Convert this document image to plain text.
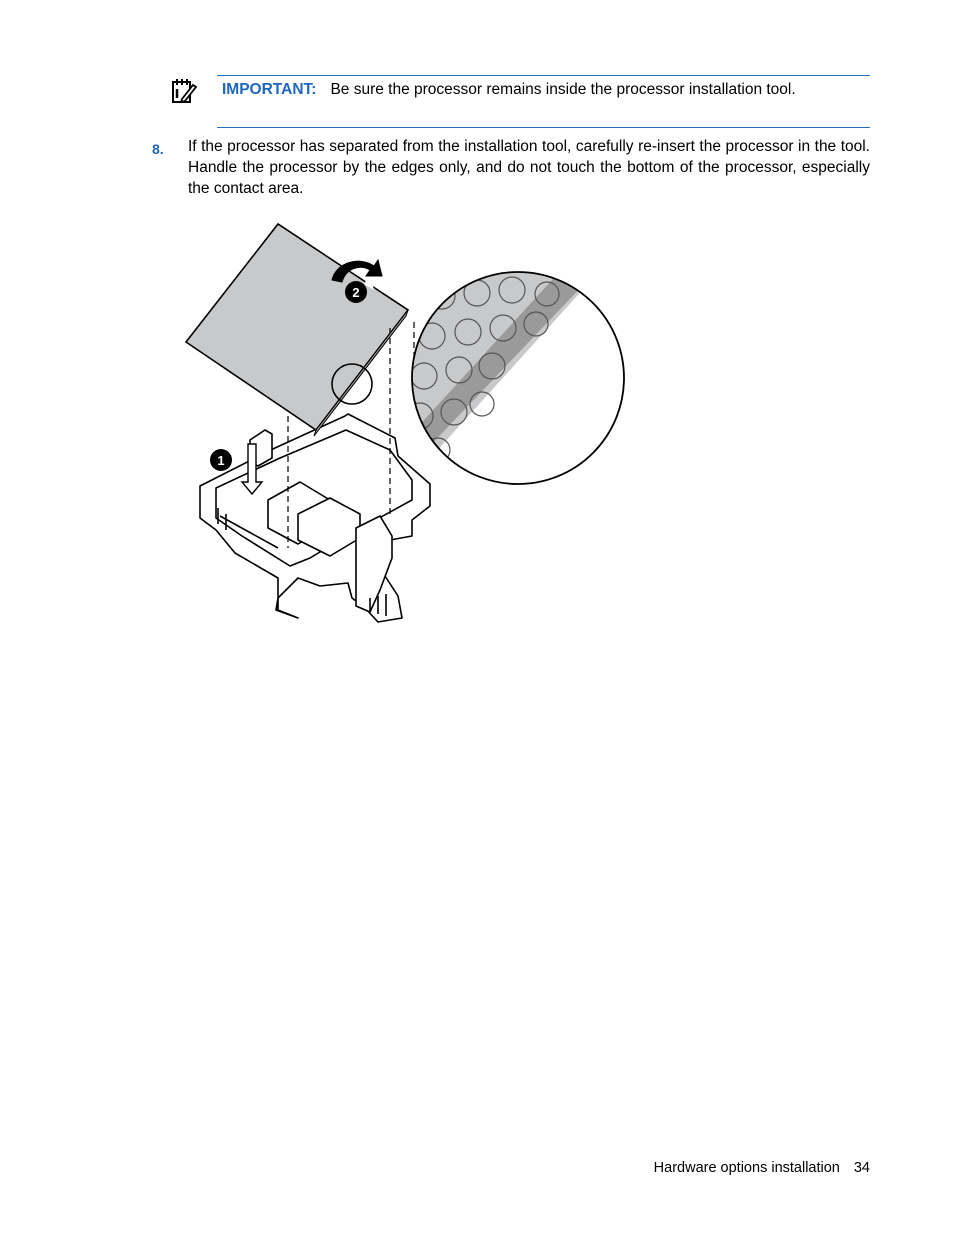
IMPORTANT: Be sure the processor remains inside the processor installation tool.
8. If the processor has separated from the installation tool, carefully re-insert the processor in the tool. Handle the processor by the edges only, and do not touch the bottom of the processor, especially the contact area.
1
2
Hardware options installation 34
